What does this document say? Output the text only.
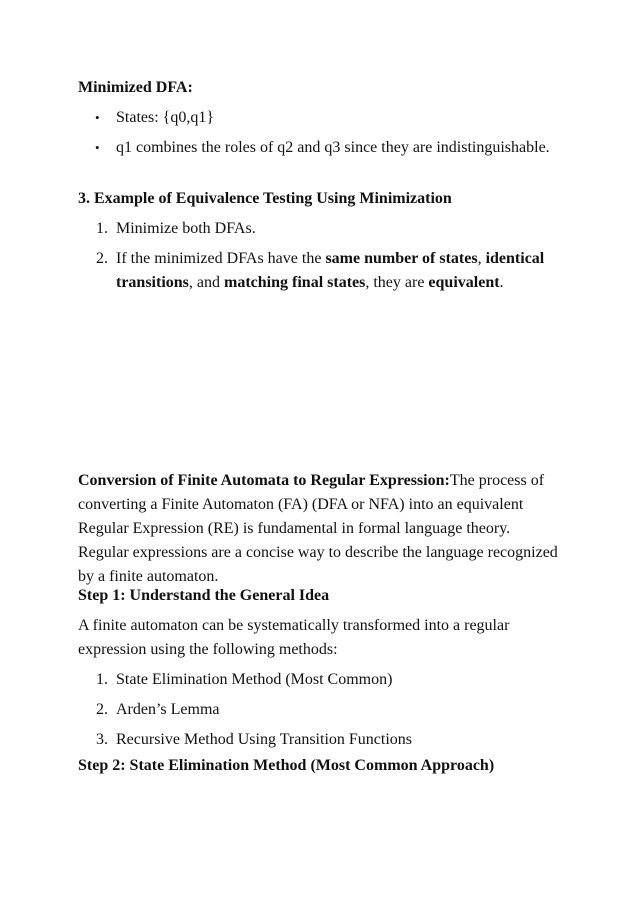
Minimized DFA:
• States: {q0,q1}
• q1 combines the roles of q2 and q3 since they are indistinguishable.
3. Example of Equivalence Testing Using Minimization
1. Minimize both DFAs.
2. If the minimized DFAs have the same number of states, identical transitions, and matching final states, they are equivalent.

Conversion of Finite Automata to Regular Expression:The process of converting a Finite Automaton (FA) (DFA or NFA) into an equivalent Regular Expression (RE) is fundamental in formal language theory. Regular expressions are a concise way to describe the language recognized by a finite automaton.

Step 1: Understand the General Idea

A finite automaton can be systematically transformed into a regular expression using the following methods:

1. State Elimination Method (Most Common)
2. Arden’s Lemma
3. Recursive Method Using Transition Functions
Step 2: State Elimination Method (Most Common Approach)
